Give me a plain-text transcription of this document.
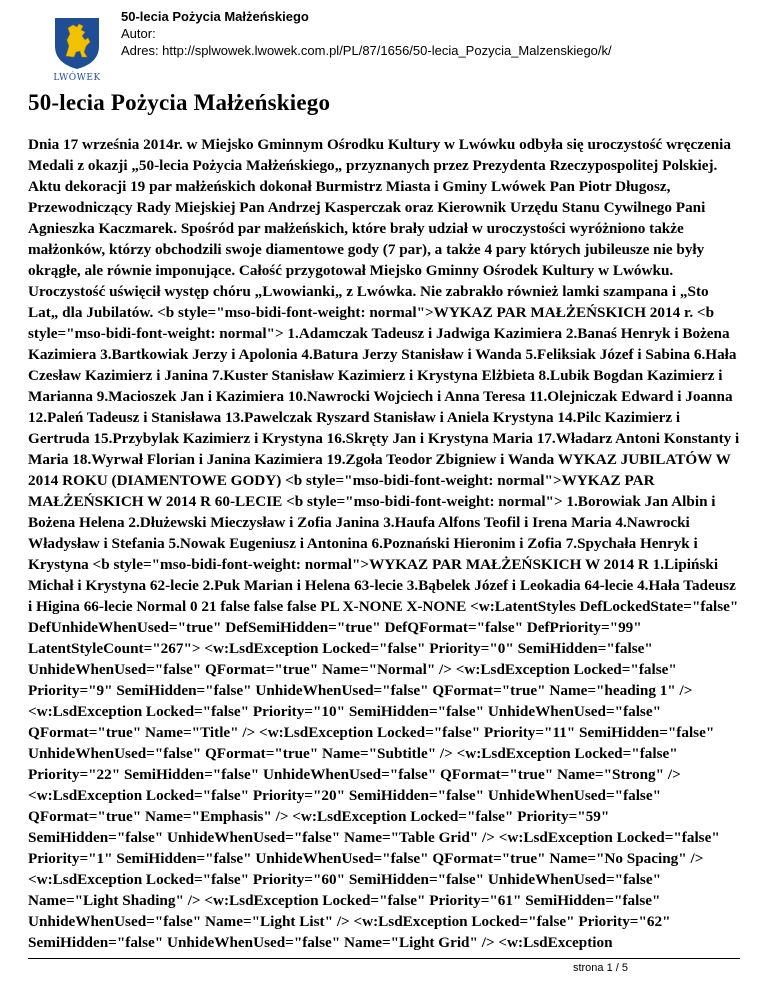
LWÓWEK
50-lecia Pożycia Małżeńskiego
Autor:
Adres: http://splwowek.lwowek.com.pl/PL/87/1656/50-lecia_Pozycia_Malzenskiego/k/
50-lecia Pożycia Małżeńskiego

Dnia 17 września 2014r. w Miejsko Gminnym Ośrodku Kultury w Lwówku odbyła się uroczystość wręczenia Medali z okazji „50-lecia Pożycia Małżeńskiego„ przyznanych przez Prezydenta Rzeczypospolitej Polskiej. Aktu dekoracji 19 par małżeńskich dokonał Burmistrz Miasta i Gminy Lwówek Pan Piotr Długosz, Przewodniczący Rady Miejskiej Pan Andrzej Kasperczak oraz Kierownik Urzędu Stanu Cywilnego Pani Agnieszka Kaczmarek. Spośród par małżeńskich, które brały udział w uroczystości wyróżniono także małżonków, którzy obchodzili swoje diamentowe gody (7 par), a także 4 pary których jubileusze nie były okrągłe, ale równie imponujące. Całość przygotował Miejsko Gminny Ośrodek Kultury w Lwówku. Uroczystość uświęcił występ chóru „Lwowianki„ z Lwówka. Nie zabrakło również lamki szampana i „Sto Lat„ dla Jubilatów. <b style="mso-bidi-font-weight: normal">WYKAZ PAR MAŁŻEŃSKICH 2014 r. <b style="mso-bidi-font-weight: normal"> 1.Adamczak Tadeusz i Jadwiga Kazimiera 2.Banaś Henryk i Bożena Kazimiera 3.Bartkowiak Jerzy i Apolonia 4.Batura Jerzy Stanisław i Wanda 5.Feliksiak Józef i Sabina 6.Hała Czesław Kazimierz i Janina 7.Kuster Stanisław Kazimierz i Krystyna Elżbieta 8.Lubik Bogdan Kazimierz i Marianna 9.Macioszek Jan i Kazimiera 10.Nawrocki Wojciech i Anna Teresa 11.Olejniczak Edward i Joanna 12.Paleń Tadeusz i Stanisława 13.Pawelczak Ryszard Stanisław i Aniela Krystyna 14.Pilc Kazimierz i Gertruda 15.Przybylak Kazimierz i Krystyna 16.Skręty Jan i Krystyna Maria 17.Władarz Antoni Konstanty i Maria 18.Wyrwał Florian i Janina Kazimiera 19.Zgoła Teodor Zbigniew i Wanda WYKAZ JUBILATÓW W 2014 ROKU (DIAMENTOWE GODY) <b style="mso-bidi-font-weight: normal">WYKAZ PAR MAŁŻEŃSKICH W 2014 R 60-LECIE <b style="mso-bidi-font-weight: normal"> 1.Borowiak Jan Albin i Bożena Helena 2.Dłużewski Mieczysław i Zofia Janina 3.Haufa Alfons Teofil i Irena Maria 4.Nawrocki Władysław i Stefania 5.Nowak Eugeniusz i Antonina 6.Poznański Hieronim i Zofia 7.Spychała Henryk i Krystyna <b style="mso-bidi-font-weight: normal">WYKAZ PAR MAŁŻEŃSKICH W 2014 R 1.Lipiński Michał i Krystyna 62-lecie 2.Puk Marian i Helena 63-lecie 3.Bąbelek Józef i Leokadia 64-lecie 4.Hała Tadeusz i Higina 66-lecie Normal 0 21 false false false PL X-NONE X-NONE <w:LatentStyles DefLockedState="false" DefUnhideWhenUsed="true" DefSemiHidden="true" DefQFormat="false" DefPriority="99" LatentStyleCount="267"> <w:LsdException Locked="false" Priority="0" SemiHidden="false" UnhideWhenUsed="false" QFormat="true" Name="Normal" /> <w:LsdException Locked="false" Priority="9" SemiHidden="false" UnhideWhenUsed="false" QFormat="true" Name="heading 1" /> <w:LsdException Locked="false" Priority="10" SemiHidden="false" UnhideWhenUsed="false" QFormat="true" Name="Title" /> <w:LsdException Locked="false" Priority="11" SemiHidden="false" UnhideWhenUsed="false" QFormat="true" Name="Subtitle" /> <w:LsdException Locked="false" Priority="22" SemiHidden="false" UnhideWhenUsed="false" QFormat="true" Name="Strong" /> <w:LsdException Locked="false" Priority="20" SemiHidden="false" UnhideWhenUsed="false" QFormat="true" Name="Emphasis" /> <w:LsdException Locked="false" Priority="59" SemiHidden="false" UnhideWhenUsed="false" Name="Table Grid" /> <w:LsdException Locked="false" Priority="1" SemiHidden="false" UnhideWhenUsed="false" QFormat="true" Name="No Spacing" /> <w:LsdException Locked="false" Priority="60" SemiHidden="false" UnhideWhenUsed="false" Name="Light Shading" /> <w:LsdException Locked="false" Priority="61" SemiHidden="false" UnhideWhenUsed="false" Name="Light List" /> <w:LsdException Locked="false" Priority="62" SemiHidden="false" UnhideWhenUsed="false" Name="Light Grid" /> <w:LsdException

strona 1 / 5
